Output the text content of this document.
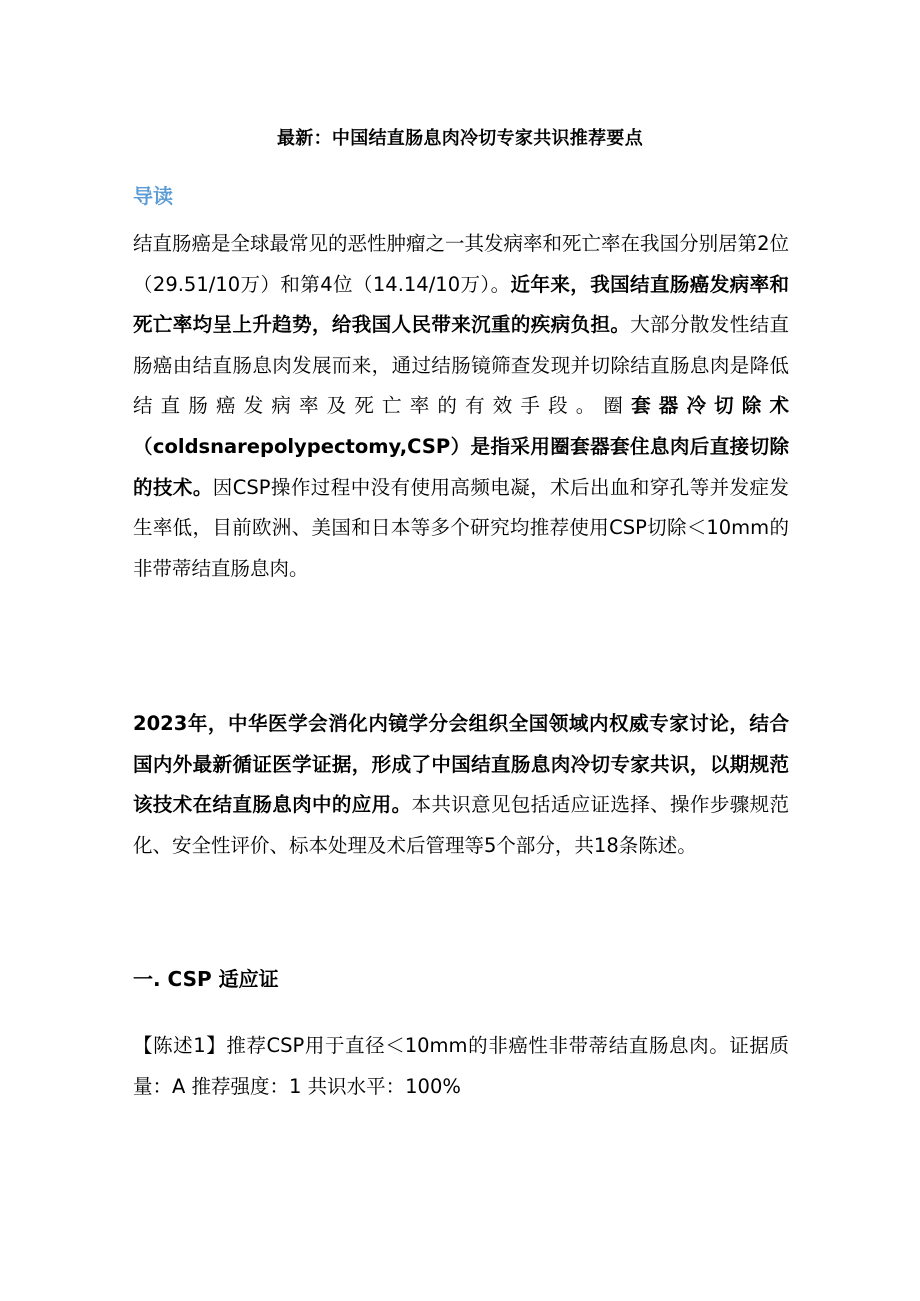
最新：中国结直肠息肉冷切专家共识推荐要点
导读

结直肠癌是全球最常见的恶性肿瘤之一其发病率和死亡率在我国分别居第2位（29.51/10万）和第4位（14.14/10万）。近年来，我国结直肠癌发病率和死亡率均呈上升趋势，给我国人民带来沉重的疾病负担。大部分散发性结直肠癌由结直肠息肉发展而来，通过结肠镜筛查发现并切除结直肠息肉是降低结直肠癌发病率及死亡率的有效手段。圈套器冷切除术（coldsnarepolypectomy,CSP）是指采用圈套器套住息肉后直接切除的技术。因CSP操作过程中没有使用高频电凝，术后出血和穿孔等并发症发生率低，目前欧洲、美国和日本等多个研究均推荐使用CSP切除＜10mm的非带蒂结直肠息肉。

2023年，中华医学会消化内镜学分会组织全国领域内权威专家讨论，结合国内外最新循证医学证据，形成了中国结直肠息肉冷切专家共识，以期规范该技术在结直肠息肉中的应用。本共识意见包括适应证选择、操作步骤规范化、安全性评价、标本处理及术后管理等5个部分，共18条陈述。

一. CSP 适应证

【陈述1】推荐CSP用于直径＜10mm的非癌性非带蒂结直肠息肉。证据质量：A 推荐强度：1 共识水平：100%
